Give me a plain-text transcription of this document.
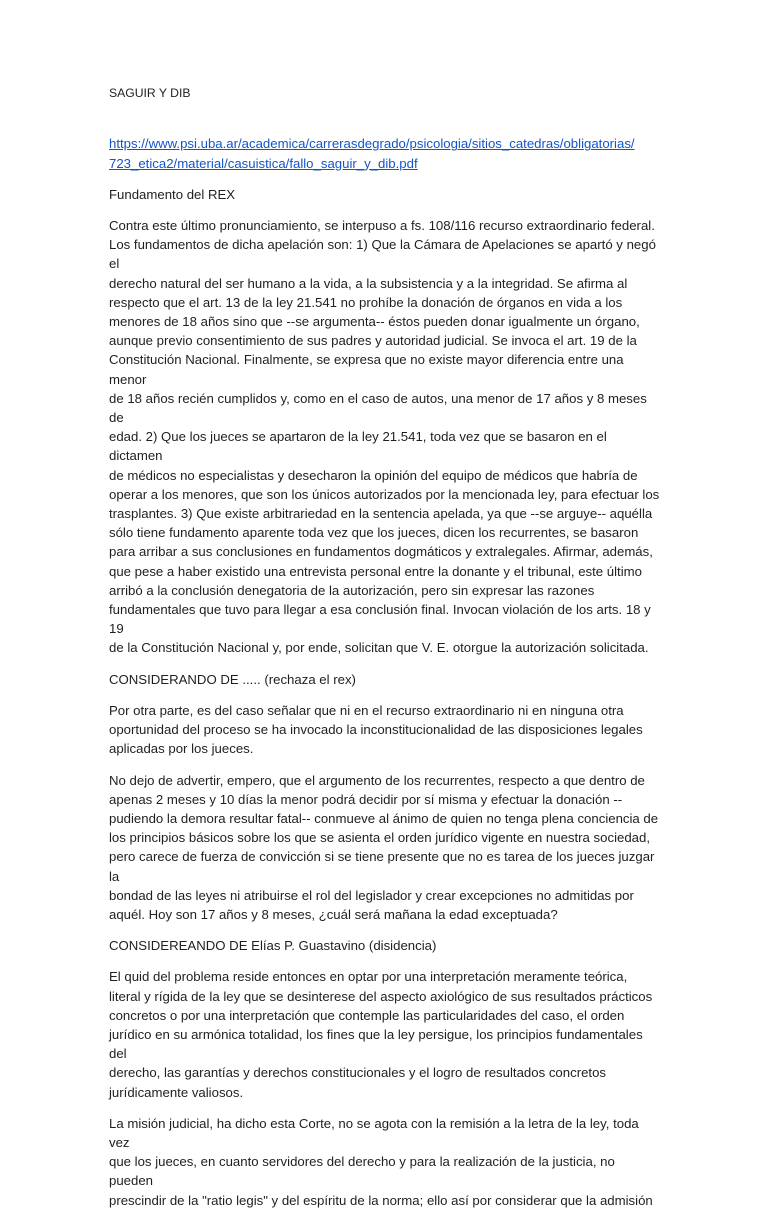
SAGUIR Y DIB

https://www.psi.uba.ar/academica/carrerasdegrado/psicologia/sitios_catedras/obligatorias/
723_etica2/material/casuistica/fallo_saguir_y_dib.pdf

Fundamento del REX

Contra este último pronunciamiento, se interpuso a fs. 108/116 recurso extraordinario federal.
Los fundamentos de dicha apelación son: 1) Que la Cámara de Apelaciones se apartó y negó el
derecho natural del ser humano a la vida, a la subsistencia y a la integridad. Se afirma al
respecto que el art. 13 de la ley 21.541 no prohíbe la donación de órganos en vida a los
menores de 18 años sino que --se argumenta-- éstos pueden donar igualmente un órgano,
aunque previo consentimiento de sus padres y autoridad judicial. Se invoca el art. 19 de la
Constitución Nacional. Finalmente, se expresa que no existe mayor diferencia entre una menor
de 18 años recién cumplidos y, como en el caso de autos, una menor de 17 años y 8 meses de
edad. 2) Que los jueces se apartaron de la ley 21.541, toda vez que se basaron en el dictamen
de médicos no especialistas y desecharon la opinión del equipo de médicos que habría de
operar a los menores, que son los únicos autorizados por la mencionada ley, para efectuar los
trasplantes. 3) Que existe arbitrariedad en la sentencia apelada, ya que --se arguye-- aquélla
sólo tiene fundamento aparente toda vez que los jueces, dicen los recurrentes, se basaron
para arribar a sus conclusiones en fundamentos dogmáticos y extralegales. Afirmar, además,
que pese a haber existido una entrevista personal entre la donante y el tribunal, este último
arribó a la conclusión denegatoria de la autorización, pero sin expresar las razones
fundamentales que tuvo para llegar a esa conclusión final. Invocan violación de los arts. 18 y 19
de la Constitución Nacional y, por ende, solicitan que V. E. otorgue la autorización solicitada.

CONSIDERANDO DE ..... (rechaza el rex)

Por otra parte, es del caso señalar que ni en el recurso extraordinario ni en ninguna otra
oportunidad del proceso se ha invocado la inconstitucionalidad de las disposiciones legales
aplicadas por los jueces.

No dejo de advertir, empero, que el argumento de los recurrentes, respecto a que dentro de
apenas 2 meses y 10 días la menor podrá decidir por sí misma y efectuar la donación --
pudiendo la demora resultar fatal-- conmueve al ánimo de quien no tenga plena conciencia de
los principios básicos sobre los que se asienta el orden jurídico vigente en nuestra sociedad,
pero carece de fuerza de convicción si se tiene presente que no es tarea de los jueces juzgar la
bondad de las leyes ni atribuirse el rol del legislador y crear excepciones no admitidas por
aquél. Hoy son 17 años y 8 meses, ¿cuál será mañana la edad exceptuada?

CONSIDEREANDO DE Elías P. Guastavino (disidencia)

El quid del problema reside entonces en optar por una interpretación meramente teórica,
literal y rígida de la ley que se desinterese del aspecto axiológico de sus resultados prácticos
concretos o por una interpretación que contemple las particularidades del caso, el orden
jurídico en su armónica totalidad, los fines que la ley persigue, los principios fundamentales del
derecho, las garantías y derechos constitucionales y el logro de resultados concretos
jurídicamente valiosos.

La misión judicial, ha dicho esta Corte, no se agota con la remisión a la letra de la ley, toda vez
que los jueces, en cuanto servidores del derecho y para la realización de la justicia, no pueden
prescindir de la "ratio legis" y del espíritu de la norma; ello así por considerar que la admisión
